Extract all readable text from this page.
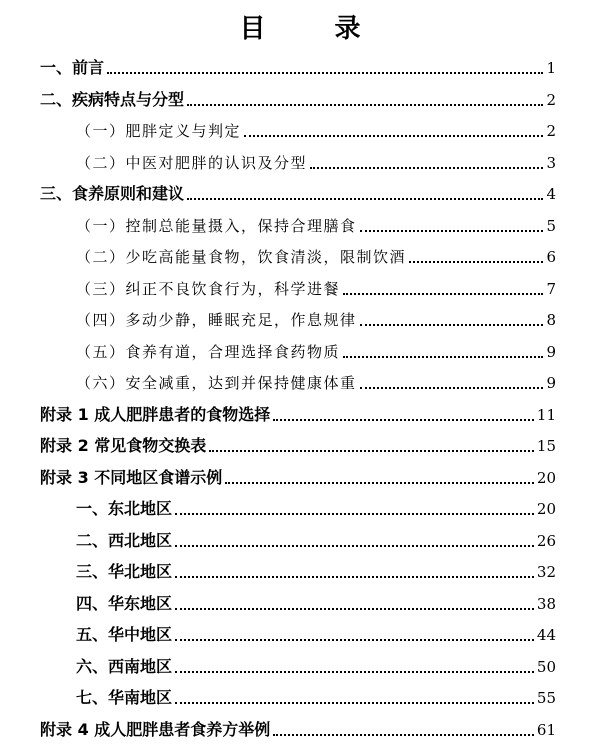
目 录
一、前言	1
二、疾病特点与分型	2
（一）肥胖定义与判定	2
（二）中医对肥胖的认识及分型	3
三、食养原则和建议	4
（一）控制总能量摄入，保持合理膳食	5
（二）少吃高能量食物，饮食清淡，限制饮酒	6
（三）纠正不良饮食行为，科学进餐	7
（四）多动少静，睡眠充足，作息规律	8
（五）食养有道，合理选择食药物质	9
（六）安全减重，达到并保持健康体重	9
附录 1 成人肥胖患者的食物选择	11
附录 2 常见食物交换表	15
附录 3 不同地区食谱示例	20
一、东北地区	20
二、西北地区	26
三、华北地区	32
四、华东地区	38
五、华中地区	44
六、西南地区	50
七、华南地区	55
附录 4 成人肥胖患者食养方举例	61
